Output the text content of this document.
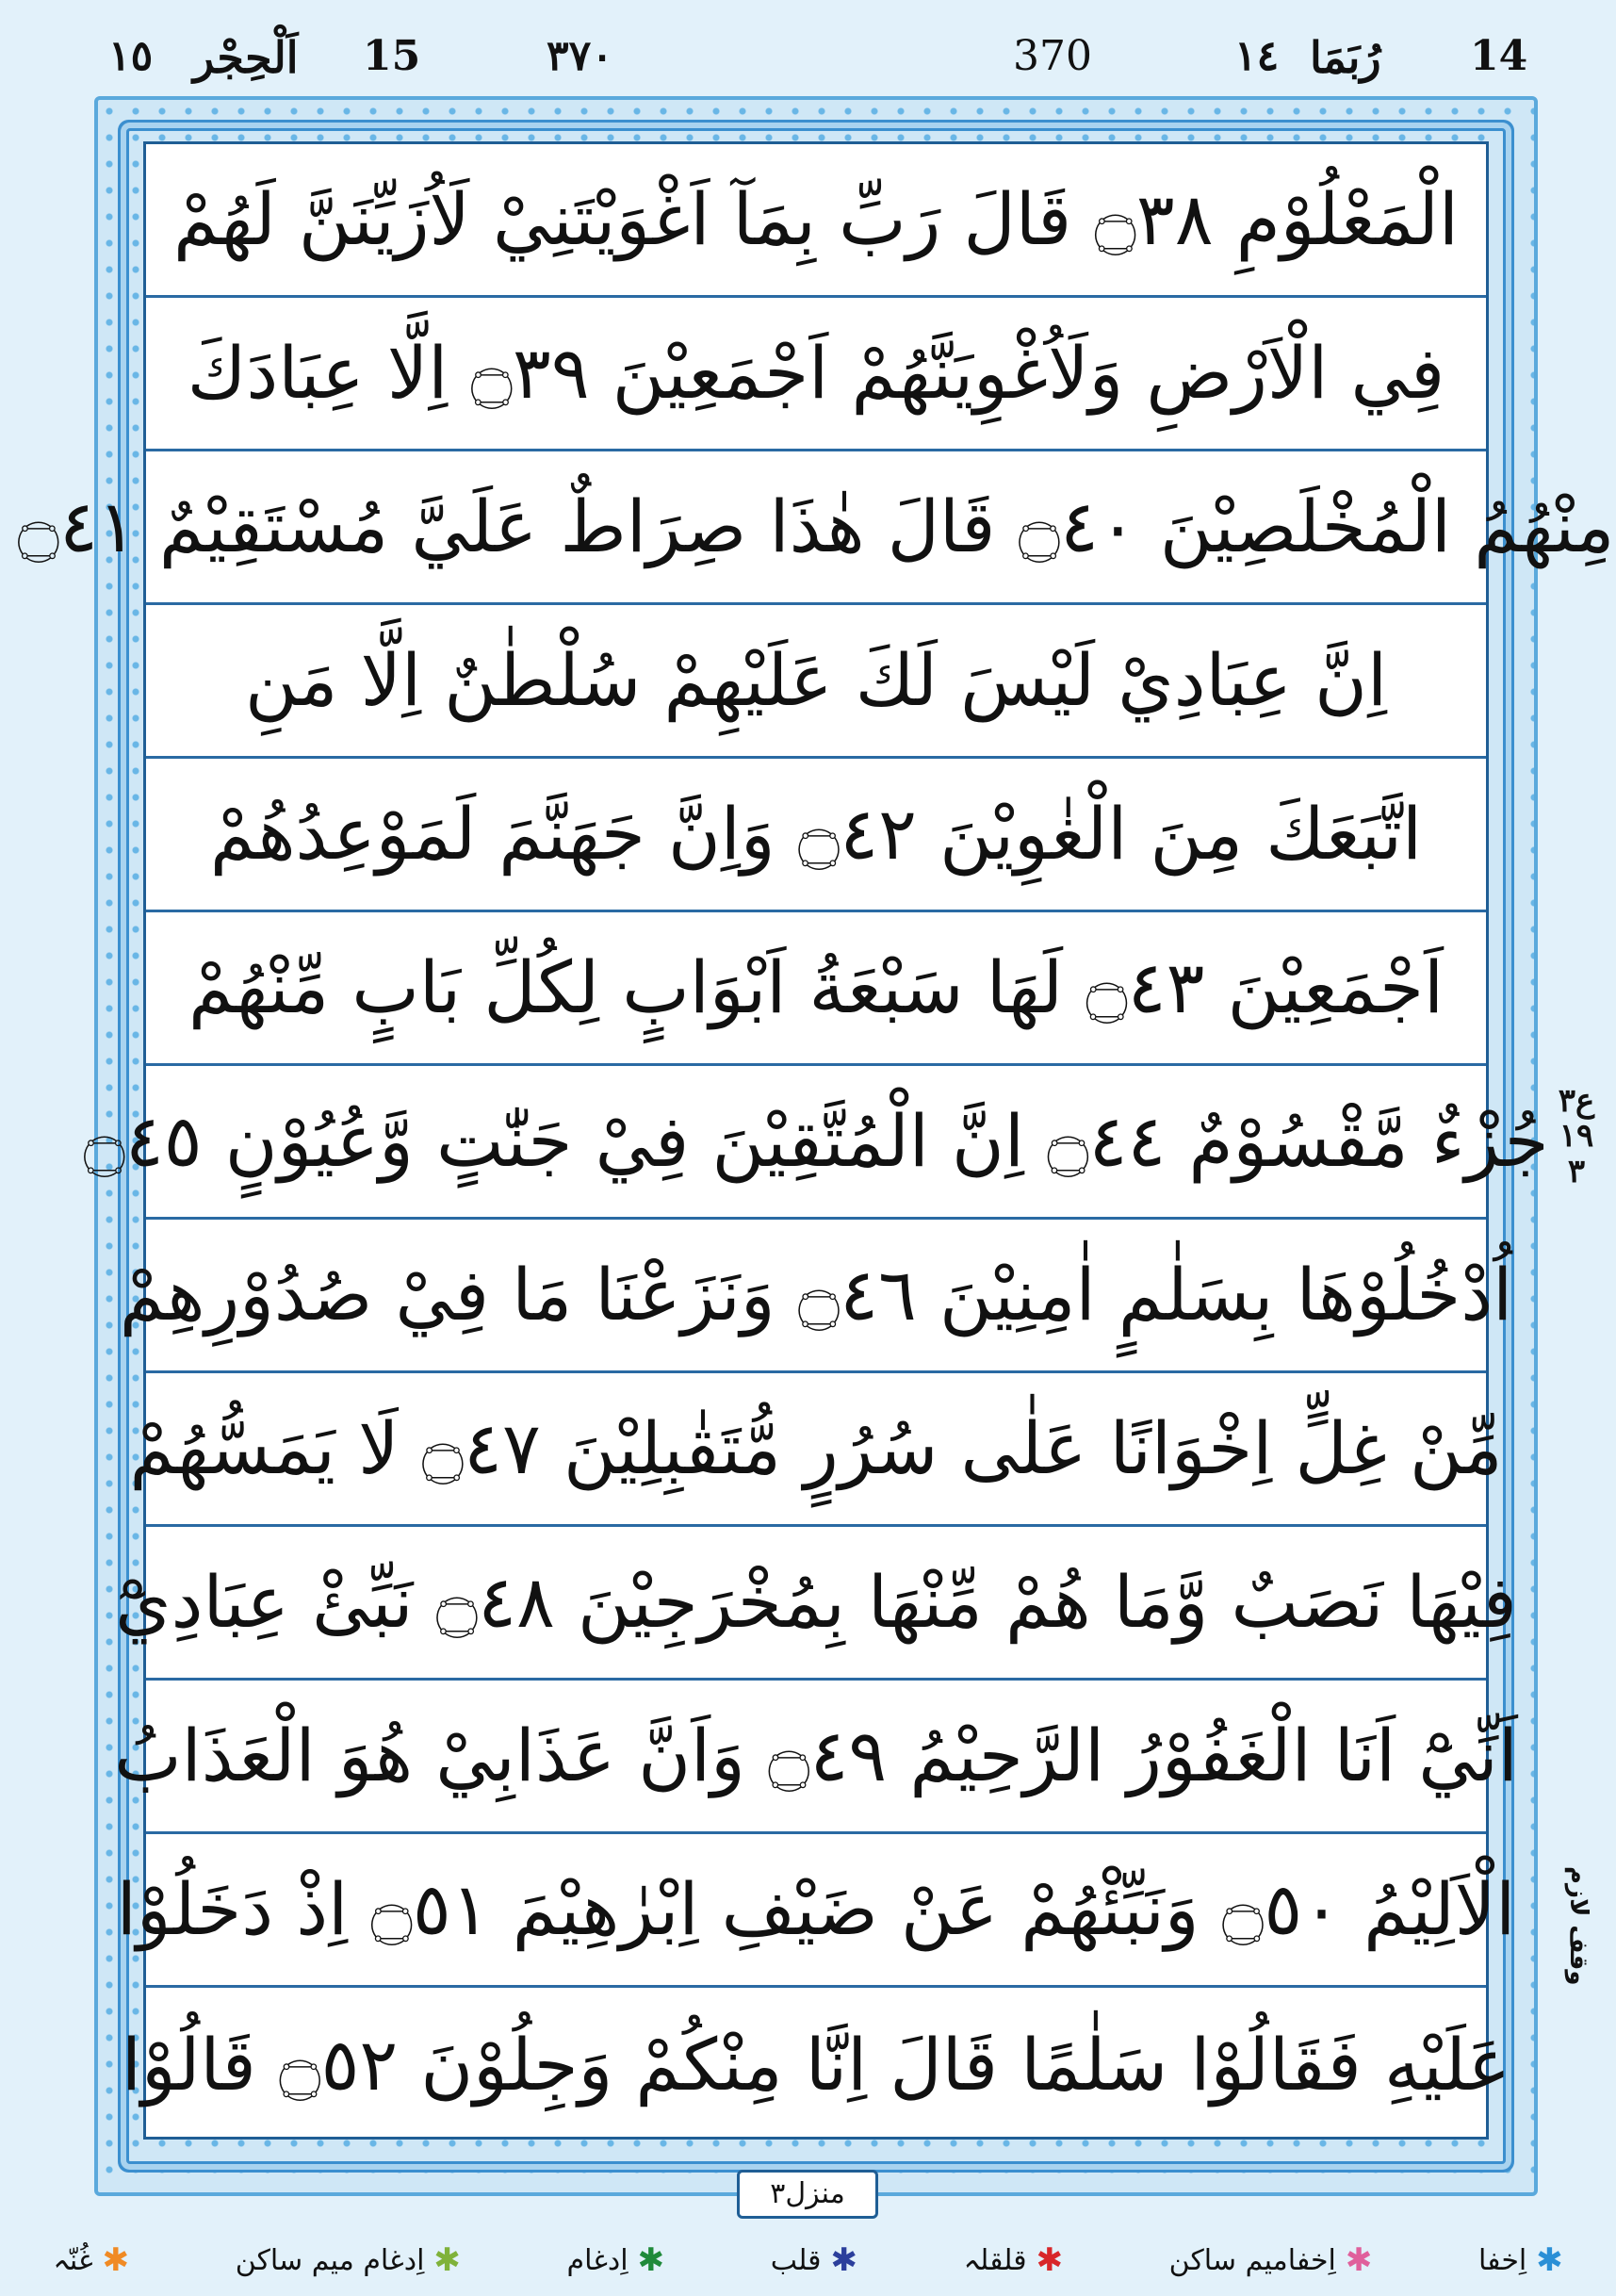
14
رُبَمَا
١٤
370
٣٧٠
15
اَلْحِجْر
١٥
الْمَعْلُوْمِ ۝٣٨ قَالَ رَبِّ بِمَآ اَغْوَيْتَنِيْ لَاُزَيِّنَنَّ لَهُمْ
فِي الْاَرْضِ وَلَاُغْوِيَنَّهُمْ اَجْمَعِيْنَ ۝٣٩ اِلَّا عِبَادَكَ
مِنْهُمُ الْمُخْلَصِيْنَ ۝٤٠ قَالَ هٰذَا صِرَاطٌ عَلَيَّ مُسْتَقِيْمٌ ۝٤١
اِنَّ عِبَادِيْ لَيْسَ لَكَ عَلَيْهِمْ سُلْطٰنٌ اِلَّا مَنِ
اتَّبَعَكَ مِنَ الْغٰوِيْنَ ۝٤٢ وَاِنَّ جَهَنَّمَ لَمَوْعِدُهُمْ
اَجْمَعِيْنَ ۝٤٣ لَهَا سَبْعَةُ اَبْوَابٍ لِكُلِّ بَابٍ مِّنْهُمْ
جُزْءٌ مَّقْسُوْمٌ ۝٤٤ اِنَّ الْمُتَّقِيْنَ فِيْ جَنّٰتٍ وَّعُيُوْنٍ ۝٤٥
اُدْخُلُوْهَا بِسَلٰمٍ اٰمِنِيْنَ ۝٤٦ وَنَزَعْنَا مَا فِيْ صُدُوْرِهِمْ
مِّنْ غِلٍّ اِخْوَانًا عَلٰى سُرُرٍ مُّتَقٰبِلِيْنَ ۝٤٧ لَا يَمَسُّهُمْ
فِيْهَا نَصَبٌ وَّمَا هُمْ مِّنْهَا بِمُخْرَجِيْنَ ۝٤٨ نَبِّئْ عِبَادِيْٓ
اَنِّيْٓ اَنَا الْغَفُوْرُ الرَّحِيْمُ ۝٤٩ وَاَنَّ عَذَابِيْ هُوَ الْعَذَابُ
الْاَلِيْمُ ۝٥٠ وَنَبِّئْهُمْ عَنْ ضَيْفِ اِبْرٰهِيْمَ ۝٥١ اِذْ دَخَلُوْا
عَلَيْهِ فَقَالُوْا سَلٰمًا قَالَ اِنَّا مِنْكُمْ وَجِلُوْنَ ۝٥٢ قَالُوْا
ع٣ ١٩ ٣
وقف لازم
منزل٣
✱
اِخفا
✱
اِخفامیم ساکن
✱
قلقلہ
✱
قلب
✱
اِدغام
✱
اِدغام میم ساکن
✱
غُنّہ
